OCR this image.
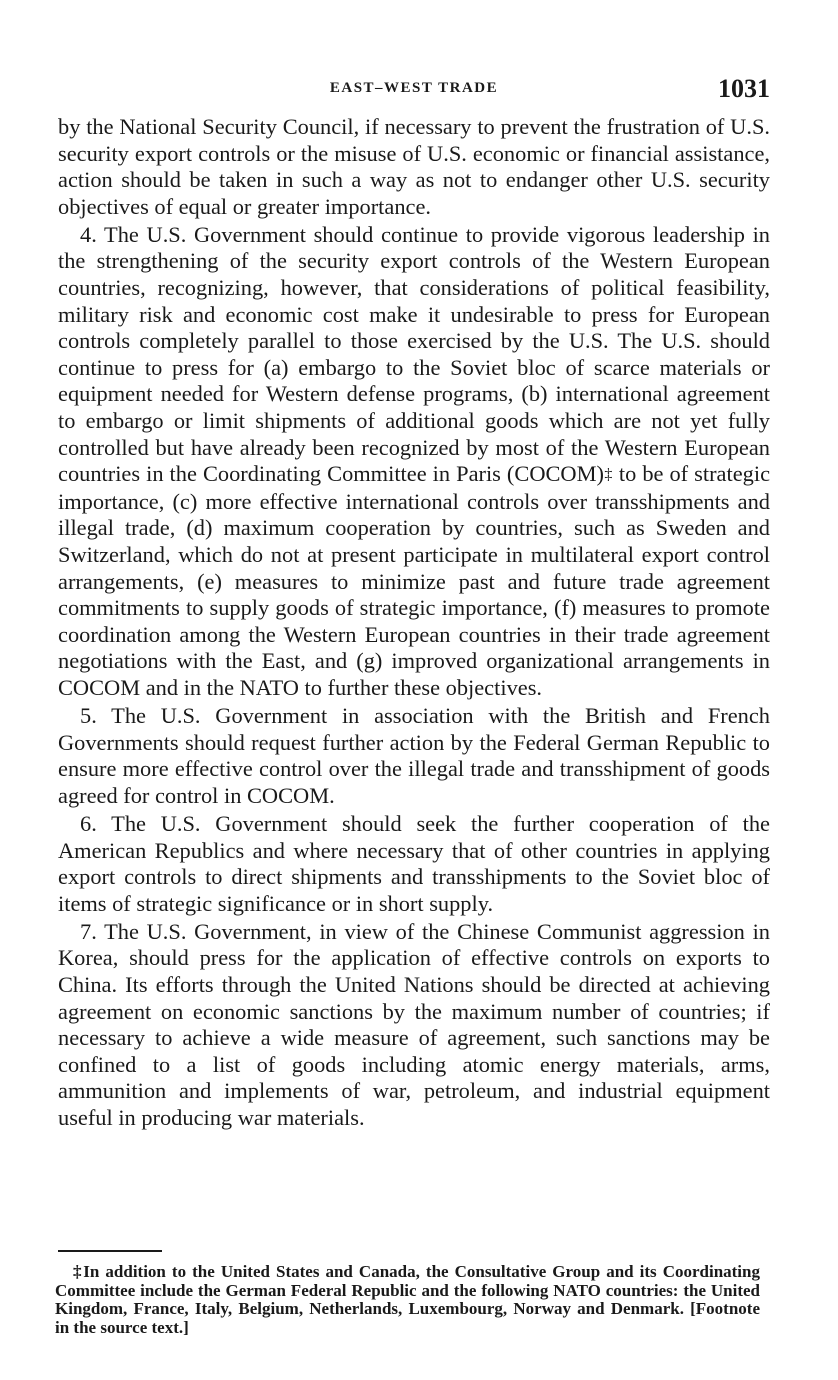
EAST–WEST TRADE	1031

by the National Security Council, if necessary to prevent the frustration of U.S. security export controls or the misuse of U.S. economic or financial assistance, action should be taken in such a way as not to endanger other U.S. security objectives of equal or greater importance.

4. The U.S. Government should continue to provide vigorous leadership in the strengthening of the security export controls of the Western European countries, recognizing, however, that considerations of political feasibility, military risk and economic cost make it undesirable to press for European controls completely parallel to those exercised by the U.S. The U.S. should continue to press for (a) embargo to the Soviet bloc of scarce materials or equipment needed for Western defense programs, (b) international agreement to embargo or limit shipments of additional goods which are not yet fully controlled but have already been recognized by most of the Western European countries in the Coordinating Committee in Paris (COCOM)‡ to be of strategic importance, (c) more effective international controls over transshipments and illegal trade, (d) maximum cooperation by countries, such as Sweden and Switzerland, which do not at present participate in multilateral export control arrangements, (e) measures to minimize past and future trade agreement commitments to supply goods of strategic importance, (f) measures to promote coordination among the Western European countries in their trade agreement negotiations with the East, and (g) improved organizational arrangements in COCOM and in the NATO to further these objectives.

5. The U.S. Government in association with the British and French Governments should request further action by the Federal German Republic to ensure more effective control over the illegal trade and transshipment of goods agreed for control in COCOM.

6. The U.S. Government should seek the further cooperation of the American Republics and where necessary that of other countries in applying export controls to direct shipments and transshipments to the Soviet bloc of items of strategic significance or in short supply.

7. The U.S. Government, in view of the Chinese Communist aggression in Korea, should press for the application of effective controls on exports to China. Its efforts through the United Nations should be directed at achieving agreement on economic sanctions by the maximum number of countries; if necessary to achieve a wide measure of agreement, such sanctions may be confined to a list of goods including atomic energy materials, arms, ammunition and implements of war, petroleum, and industrial equipment useful in producing war materials.

‡In addition to the United States and Canada, the Consultative Group and its Coordinating Committee include the German Federal Republic and the following NATO countries: the United Kingdom, France, Italy, Belgium, Netherlands, Luxembourg, Norway and Denmark. [Footnote in the source text.]
